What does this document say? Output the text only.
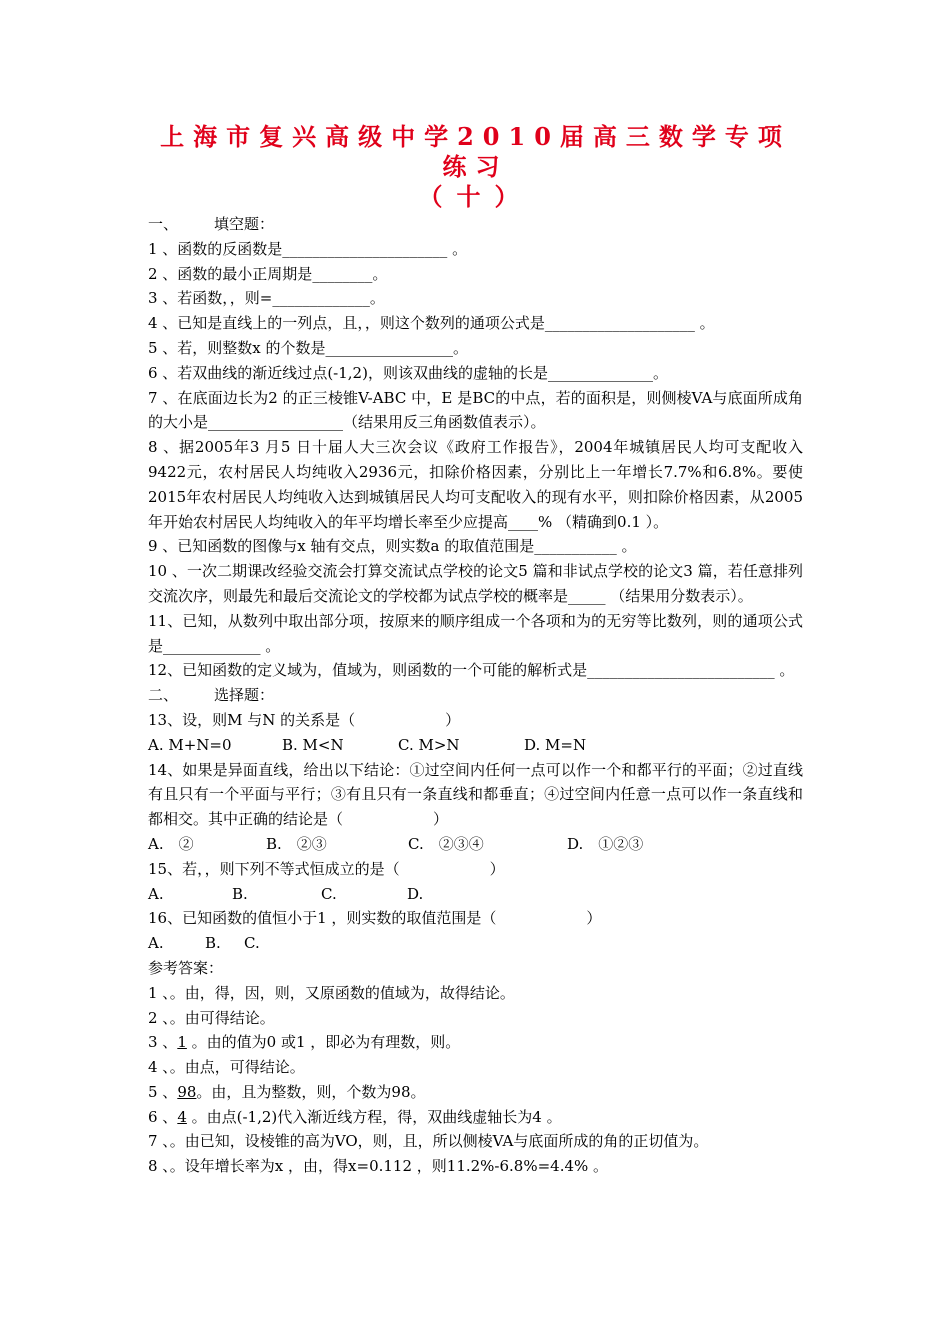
上海市复兴高级中学2010届高三数学专项练习
（十）
一、 填空题：
1 、函数的反函数是______________________ 。
2 、函数的最小正周期是________。
3 、若函数，，则=_____________。
4 、已知是直线上的一列点，且，，则这个数列的通项公式是____________________ 。
5 、若，则整数x 的个数是_________________。
6 、若双曲线的渐近线过点(-1,2)，则该双曲线的虚轴的长是______________。
7 、在底面边长为2 的正三棱锥V-ABC 中，E 是BC的中点，若的面积是，则侧棱VA与底面所成角的大小是__________________（结果用反三角函数值表示）。
8 、据2005年3 月5 日十届人大三次会议《政府工作报告》，2004年城镇居民人均可支配收入9422元，农村居民人均纯收入2936元，扣除价格因素，分别比上一年增长7.7%和6.8%。要使2015年农村居民人均纯收入达到城镇居民人均可支配收入的现有水平，则扣除价格因素，从2005年开始农村居民人均纯收入的年平均增长率至少应提高____% （精确到0.1 ）。
9 、已知函数的图像与x 轴有交点，则实数a 的取值范围是___________ 。
10 、一次二期课改经验交流会打算交流试点学校的论文5 篇和非试点学校的论文3 篇，若任意排列交流次序，则最先和最后交流论文的学校都为试点学校的概率是_____ （结果用分数表示）。
11、已知，从数列中取出部分项，按原来的顺序组成一个各项和为的无穷等比数列，则的通项公式是_____________ 。
12、已知函数的定义域为，值域为，则函数的一个可能的解析式是_________________________ 。
二、 选择题：
13、设，则M 与N 的关系是（　　　　　　）
A. M+N=0	B. M<N	C. M>N	D. M=N
14、如果是异面直线，给出以下结论：①过空间内任何一点可以作一个和都平行的平面；②过直线有且只有一个平面与平行；③有且只有一条直线和都垂直；④过空间内任意一点可以作一条直线和都相交。其中正确的结论是（　　　　　　）
A.　②	B.　②③	C.　②③④	D.　①②③
15、若，，则下列不等式恒成立的是（　　　　　　）
A.	B.	C.	D.
16、已知函数的值恒小于1 ，则实数的取值范围是（　　　　　　）
A.	B. C.
参考答案：
1 、。由，得，因，则，又原函数的值域为，故得结论。
2 、。由可得结论。
3 、1 。由的值为0 或1 ，即必为有理数，则。
4 、。由点，可得结论。
5 、98。由，且为整数，则，个数为98。
6 、4 。由点(-1,2)代入渐近线方程，得，双曲线虚轴长为4 。
7 、。由已知，设棱锥的高为VO，则，且，所以侧棱VA与底面所成的角的正切值为。
8 、。设年增长率为x ，由，得x=0.112 ，则11.2%-6.8%=4.4% 。
